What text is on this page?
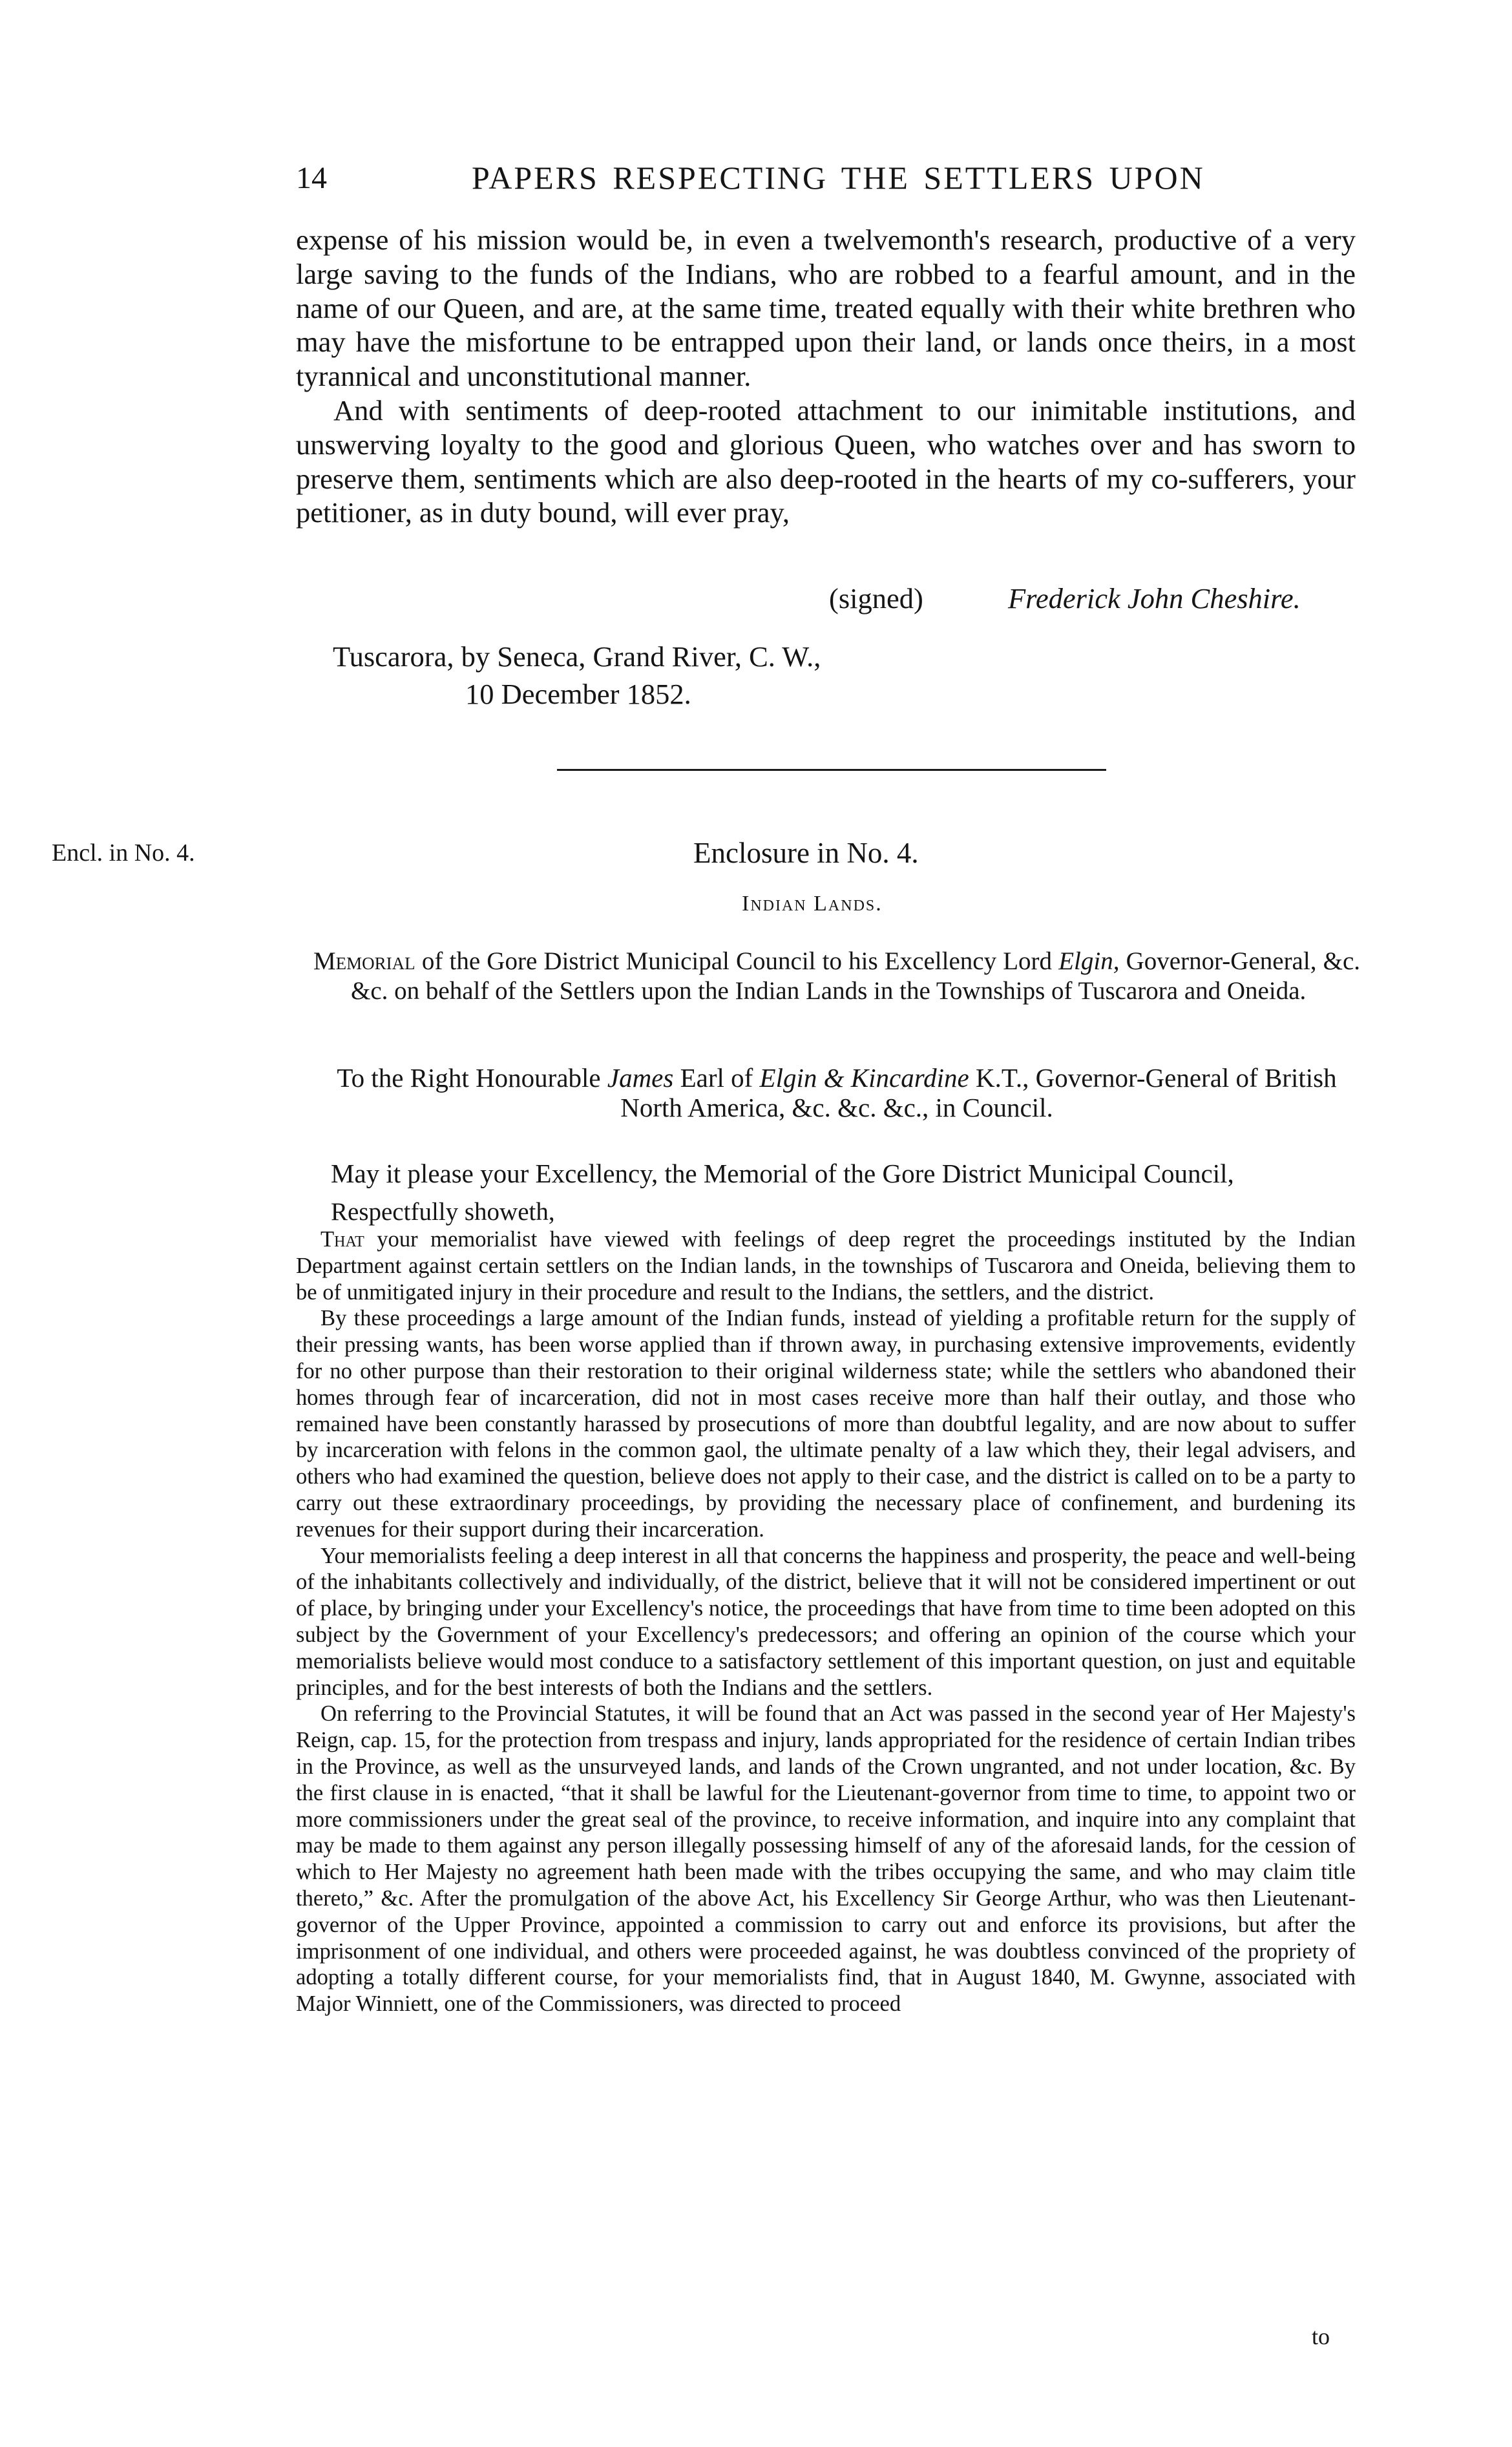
14	PAPERS RESPECTING THE SETTLERS UPON

expense of his mission would be, in even a twelvemonth's research, productive of a very large saving to the funds of the Indians, who are robbed to a fearful amount, and in the name of our Queen, and are, at the same time, treated equally with their white brethren who may have the misfortune to be entrapped upon their land, or lands once theirs, in a most tyrannical and unconstitutional manner.

And with sentiments of deep-rooted attachment to our inimitable institutions, and unswerving loyalty to the good and glorious Queen, who watches over and has sworn to preserve them, sentiments which are also deep-rooted in the hearts of my co-sufferers, your petitioner, as in duty bound, will ever pray,

(signed)	Frederick John Cheshire.
Tuscarora, by Seneca, Grand River, C. W.,
10 December 1852.
Encl. in No. 4.	Enclosure in No. 4.
Indian Lands.
Memorial of the Gore District Municipal Council to his Excellency Lord Elgin, Governor-General, &c. &c. on behalf of the Settlers upon the Indian Lands in the Townships of Tuscarora and Oneida.
To the Right Honourable James Earl of Elgin & Kincardine K.T., Governor-General of British North America, &c. &c. &c., in Council.
May it please your Excellency, the Memorial of the Gore District Municipal Council,
Respectfully showeth,

That your memorialist have viewed with feelings of deep regret the proceedings instituted by the Indian Department against certain settlers on the Indian lands, in the townships of Tuscarora and Oneida, believing them to be of unmitigated injury in their procedure and result to the Indians, the settlers, and the district.

By these proceedings a large amount of the Indian funds, instead of yielding a profitable return for the supply of their pressing wants, has been worse applied than if thrown away, in purchasing extensive improvements, evidently for no other purpose than their restoration to their original wilderness state; while the settlers who abandoned their homes through fear of incarceration, did not in most cases receive more than half their outlay, and those who remained have been constantly harassed by prosecutions of more than doubtful legality, and are now about to suffer by incarceration with felons in the common gaol, the ultimate penalty of a law which they, their legal advisers, and others who had examined the question, believe does not apply to their case, and the district is called on to be a party to carry out these extraordinary proceedings, by providing the necessary place of confinement, and burdening its revenues for their support during their incarceration.

Your memorialists feeling a deep interest in all that concerns the happiness and prosperity, the peace and well-being of the inhabitants collectively and individually, of the district, believe that it will not be considered impertinent or out of place, by bringing under your Excellency's notice, the proceedings that have from time to time been adopted on this subject by the Government of your Excellency's predecessors; and offering an opinion of the course which your memorialists believe would most conduce to a satisfactory settlement of this important question, on just and equitable principles, and for the best interests of both the Indians and the settlers.

On referring to the Provincial Statutes, it will be found that an Act was passed in the second year of Her Majesty's Reign, cap. 15, for the protection from trespass and injury, lands appropriated for the residence of certain Indian tribes in the Province, as well as the unsurveyed lands, and lands of the Crown ungranted, and not under location, &c. By the first clause in is enacted, “that it shall be lawful for the Lieutenant-governor from time to time, to appoint two or more commissioners under the great seal of the province, to receive information, and inquire into any complaint that may be made to them against any person illegally possessing himself of any of the aforesaid lands, for the cession of which to Her Majesty no agreement hath been made with the tribes occupying the same, and who may claim title thereto,” &c. After the promulgation of the above Act, his Excellency Sir George Arthur, who was then Lieutenant-governor of the Upper Province, appointed a commission to carry out and enforce its provisions, but after the imprisonment of one individual, and others were proceeded against, he was doubtless convinced of the propriety of adopting a totally different course, for your memorialists find, that in August 1840, M. Gwynne, associated with Major Winniett, one of the Commissioners, was directed to proceed

to
